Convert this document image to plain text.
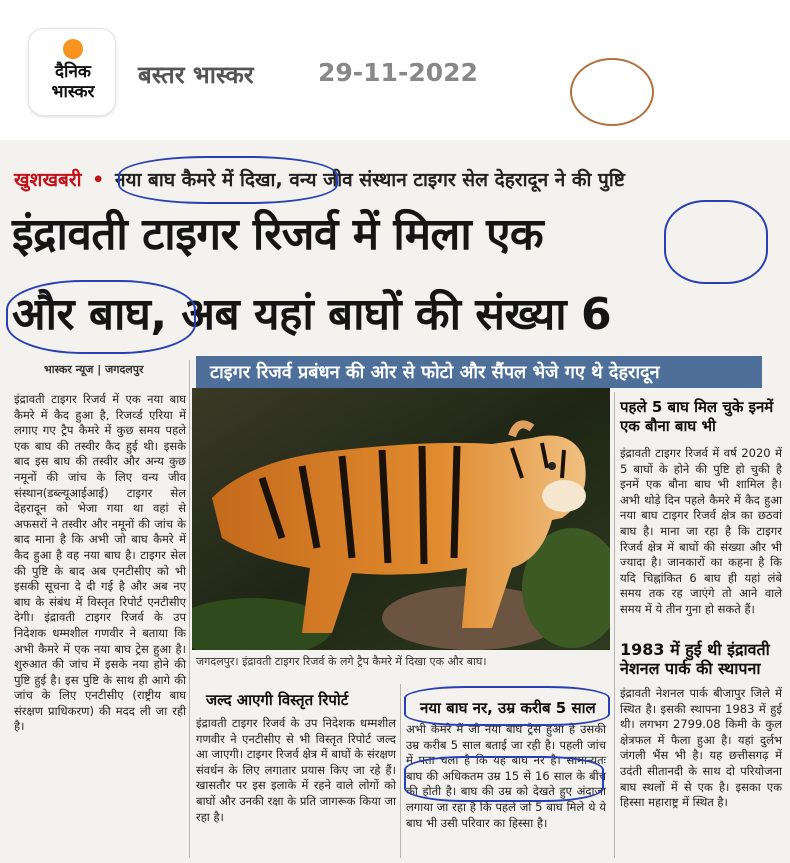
दैनिक
भास्कर
बस्तर भास्कर	29-11-2022
खुशखबरी • नया बाघ कैमरे में दिखा, वन्य जीव संस्थान टाइगर सेल देहरादून ने की पुष्टि
इंद्रावती टाइगर रिजर्व में मिला एक
और बाघ, अब यहां बाघों की संख्या 6
भास्कर न्यूज | जगदलपुर	टाइगर रिजर्व प्रबंधन की ओर से फोटो और सैंपल भेजे गए थे देहरादून
इंद्रावती टाइगर रिजर्व में एक नया बाघ कैमरे में कैद हुआ है, रिजर्व्ड एरिया में लगाए गए ट्रैप कैमरे में कुछ समय पहले एक बाघ की तस्वीर कैद हुई थी। इसके बाद इस बाघ की तस्वीर और अन्य कुछ नमूनों की जांच के लिए वन्य जीव संस्थान(डब्ल्यूआईआई) टाइगर सेल देहरादून को भेजा गया था वहां से अफसरों ने तस्वीर और नमूनों की जांच के बाद माना है कि अभी जो बाघ कैमरे में कैद हुआ है वह नया बाघ है। टाइगर सेल की पुष्टि के बाद अब एनटीसीए को भी इसकी सूचना दे दी गई है और अब नए बाघ के संबंध में विस्तृत रिपोर्ट एनटीसीए देगी। इंद्रावती टाइगर रिजर्व के उप निदेशक धम्मशील गणवीर ने बताया कि अभी कैमरे में एक नया बाघ ट्रेस हुआ है। शुरुआत की जांच में इसके नया होने की पुष्टि हुई है। इस पुष्टि के साथ ही आगे की जांच के लिए एनटीसीए (राष्ट्रीय बाघ संरक्षण प्राधिकरण) की मदद ली जा रही है।
जगदलपुर। इंद्रावती टाइगर रिजर्व के लगे ट्रैप कैमरे में दिखा एक और बाघ।
पहले 5 बाघ मिल चुके इनमें एक बौना बाघ भी
इंद्रावती टाइगर रिजर्व में वर्ष 2020 में 5 बाघों के होने की पुष्टि हो चुकी है इनमें एक बौना बाघ भी शामिल है। अभी थोड़े दिन पहले कैमरे में कैद हुआ नया बाघ टाइगर रिजर्व क्षेत्र का छठवां बाघ है। माना जा रहा है कि टाइगर रिजर्व क्षेत्र में बाघों की संख्या और भी ज्यादा है। जानकारों का कहना है कि यदि चिह्नांकित 6 बाघ ही यहां लंबे समय तक रह जाएंगे तो आने वाले समय में ये तीन गुना हो सकते हैं।
1983 में हुई थी इंद्रावती नेशनल पार्क की स्थापना
इंद्रावती नेशनल पार्क बीजापुर जिले में स्थित है। इसकी स्थापना 1983 में हुई थी। लगभग 2799.08 किमी के कुल क्षेत्रफल में फैला हुआ है। यहां दुर्लभ जंगली भैंस भी है। यह छत्तीसगढ़ में उदंती सीतानदी के साथ दो परियोजना बाघ स्थलों में से एक है। इसका एक हिस्सा महाराष्ट्र में स्थित है।
जल्द आएगी विस्तृत रिपोर्ट
इंद्रावती टाइगर रिजर्व के उप निदेशक धम्मशील गणवीर ने एनटीसीए से भी विस्तृत रिपोर्ट जल्द आ जाएगी। टाइगर रिजर्व क्षेत्र में बाघों के संरक्षण संवर्धन के लिए लगातार प्रयास किए जा रहे हैं। खासतौर पर इस इलाके में रहने वाले लोगों को बाघों और उनकी रक्षा के प्रति जागरूक किया जा रहा है।
नया बाघ नर, उम्र करीब 5 साल
अभी कैमरे में जो नया बाघ ट्रेस हुआ है उसकी उम्र करीब 5 साल बताई जा रही है। पहली जांच में पता चला है कि यह बाघ नर है। सामान्यतः बाघ की अधिकतम उम्र 15 से 16 साल के बीच की होती है। बाघ की उम्र को देखते हुए अंदाजा लगाया जा रहा है कि पहले जो 5 बाघ मिले थे ये बाघ भी उसी परिवार का हिस्सा है।
